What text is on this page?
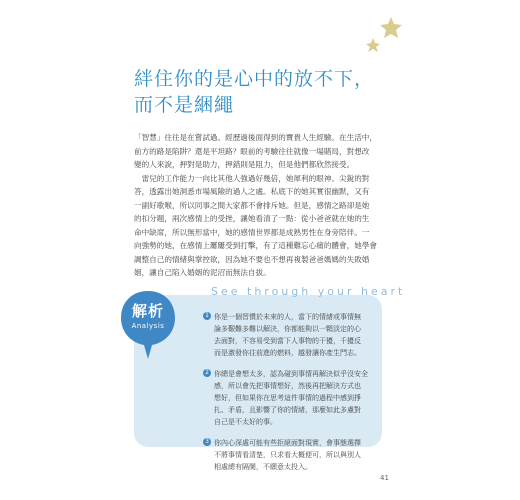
絆住你的是心中的放不下，
而不是綑繩

「智慧」往往是在嘗試過、經歷過後面得到的寶貴人生經驗。在生活中，

前方的路是陷阱？還是平坦路？眼前的考驗往往就像一場賭局，對想改

變的人來說，押對是助力，押錯則是阻力，但是他們都欣然接受。

　雷兒的工作能力一向比其他人強過好幾倍，她犀利的眼神、尖銳的對

答，透露出她洞悉市場風險的過人之處。私底下的她其實很幽默，又有

一副好歌喉，所以同事之間大家都不會排斥她。但是，感情之路卻是她

的扣分題，兩次感情上的受挫，讓她看清了一點：從小爸爸就在她的生

命中缺席，所以無形當中，她的感情世界都是成熟男性在身旁陪伴。一

向強勢的她，在感情上屢屢受到打擊，有了這種難忘心痛的體會，她學會

調整自己的情緒與掌控欲，因為她不要也不想再複製爸爸媽媽的失敗婚

姻，讓自己陷入婚姻的泥沼而無法自拔。

See through your heart
解析
Analysis
1 你是一個習慣於未來的人，當下的情緒或事情無

論多艱難多難以解決，你都能夠以一顆淡定的心

去面對，不容易受到當下人事物的干擾，千擾反

而是激發你往前進的燃料，越發讓你產生鬥志。

2 你總是會想太多，認為碰到事情再解決似乎沒安全

感，所以會先把事情想好，然後再把解決方式也

想好，但如果你在思考這件事情的過程中感到掙

扎、矛盾，且影響了你的情緒，那麼如此多慮對

自己是不太好的事。

3 你內心深處可能有些拒絕面對現實，會事態選擇

不將事情看清楚，只求看大概便可，所以與別人

相處總有隔閡，不願意太投入。

41
